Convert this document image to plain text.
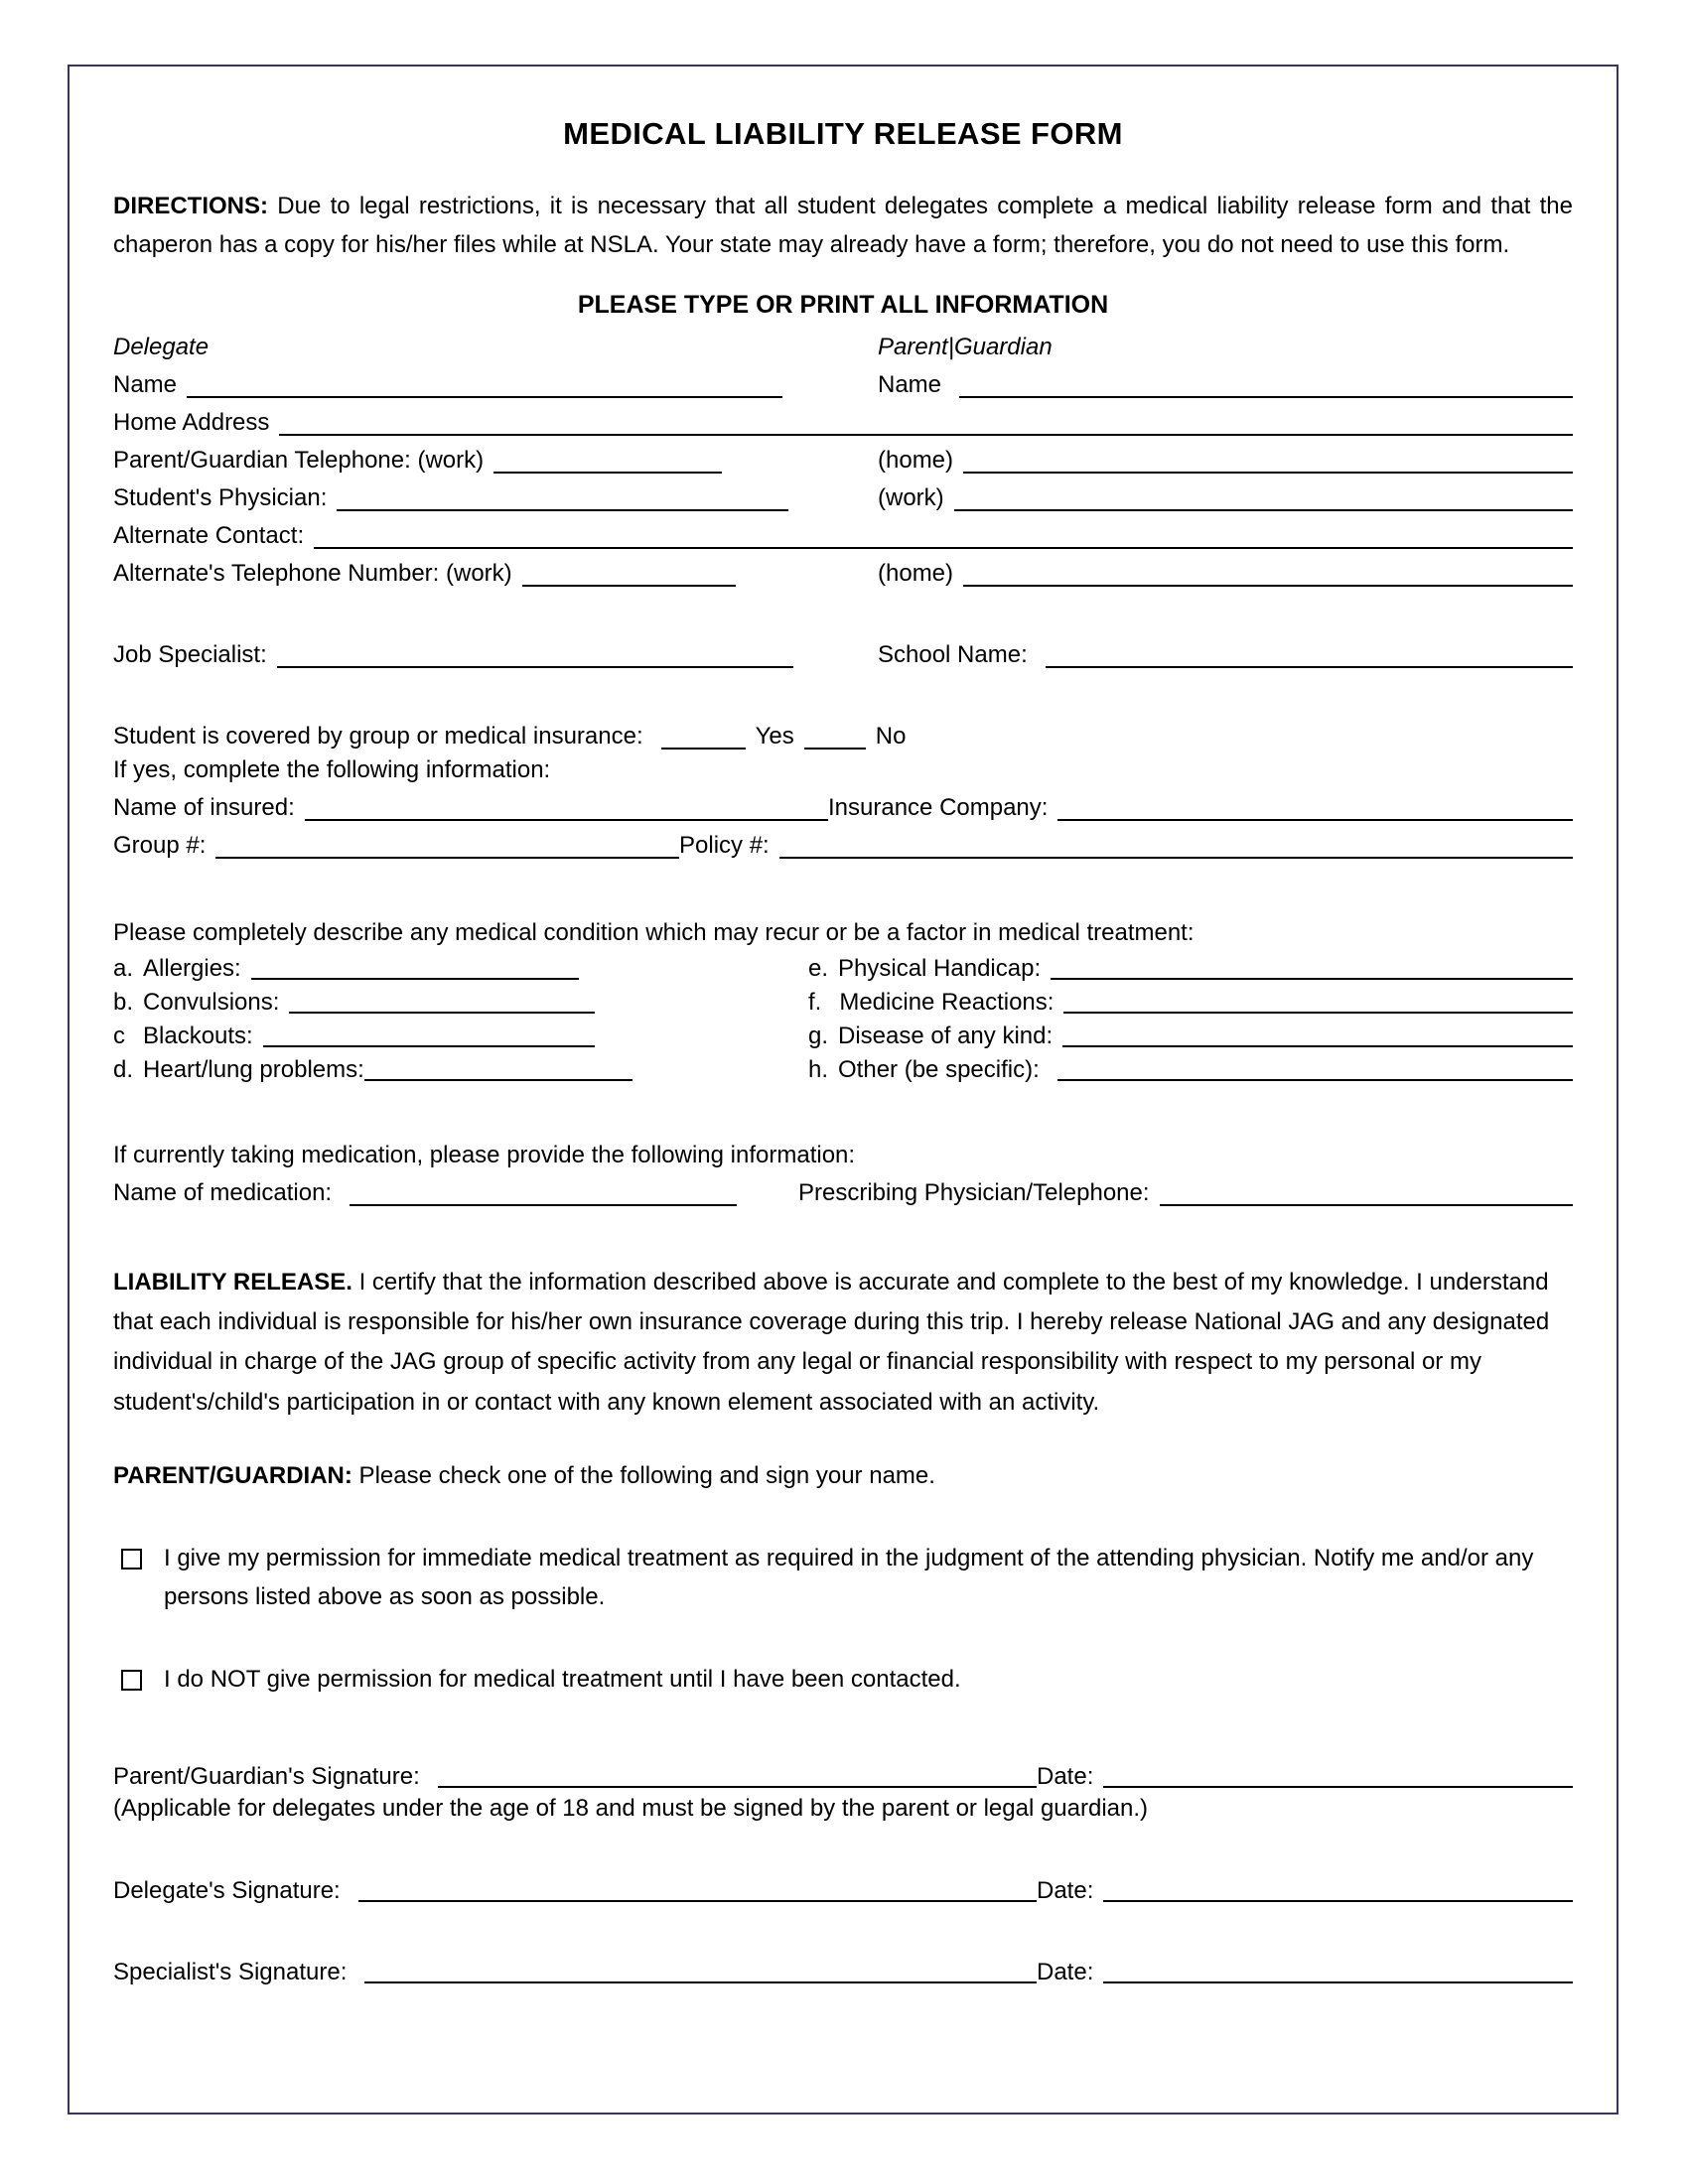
MEDICAL LIABILITY RELEASE FORM

DIRECTIONS: Due to legal restrictions, it is necessary that all student delegates complete a medical liability release form and that the chaperon has a copy for his/her files while at NSLA. Your state may already have a form; therefore, you do not need to use this form.

PLEASE TYPE OR PRINT ALL INFORMATION
Delegate	Parent|Guardian
Name	Name
Home Address
Parent/Guardian Telephone: (work)	(home)
Student's Physician:	(work)
Alternate Contact:
Alternate's Telephone Number: (work)	(home)
Job Specialist:	School Name:
Student is covered by group or medical insurance:	Yes	No
If yes, complete the following information:
Name of insured:	Insurance Company:
Group #:	Policy #:
Please completely describe any medical condition which may recur or be a factor in medical treatment:
a. Allergies:
b. Convulsions:
c Blackouts:
d. Heart/lung problems:
e. Physical Handicap:
f. Medicine Reactions:
g. Disease of any kind:
h. Other (be specific):
If currently taking medication, please provide the following information:
Name of medication:	Prescribing Physician/Telephone:

LIABILITY RELEASE. I certify that the information described above is accurate and complete to the best of my knowledge. I understand that each individual is responsible for his/her own insurance coverage during this trip. I hereby release National JAG and any designated individual in charge of the JAG group of specific activity from any legal or financial responsibility with respect to my personal or my student's/child's participation in or contact with any known element associated with an activity.

PARENT/GUARDIAN: Please check one of the following and sign your name.

I give my permission for immediate medical treatment as required in the judgment of the attending physician. Notify me and/or any persons listed above as soon as possible.
I do NOT give permission for medical treatment until I have been contacted.
Parent/Guardian's Signature:	Date:

(Applicable for delegates under the age of 18 and must be signed by the parent or legal guardian.)

Delegate's Signature:	Date:
Specialist's Signature:	Date:
